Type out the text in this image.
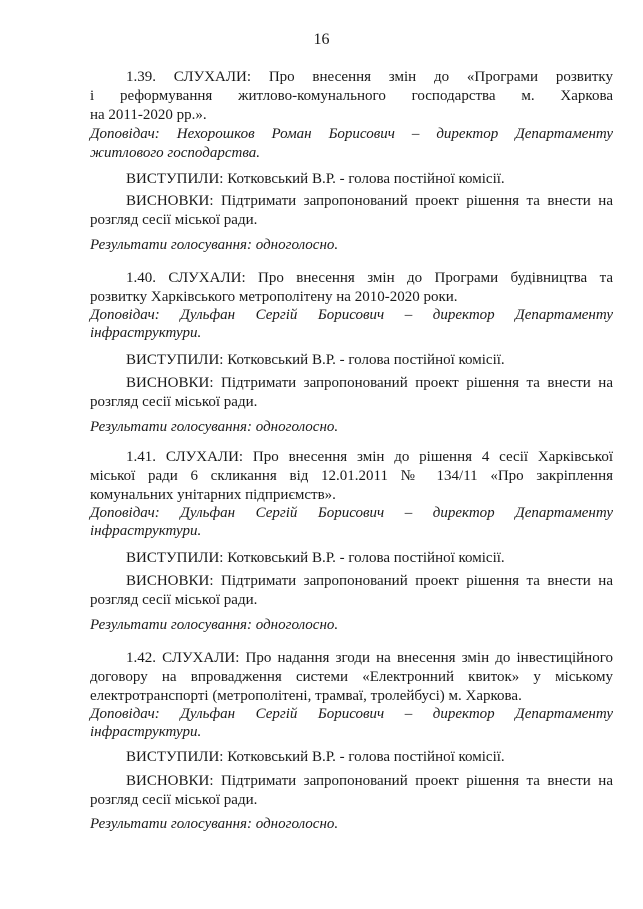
16
1.39. СЛУХАЛИ: Про внесення змін до «Програми розвитку
і реформування житлово-комунального господарства м. Харкова
на 2011-2020 рр.».
Доповідач: Нехорошков Роман Борисович – директор Департаменту
житлового господарства.
ВИСТУПИЛИ: Котковський В.Р. - голова постійної комісії.
ВИСНОВКИ: Підтримати запропонований проект рішення та внести на
розгляд сесії міської ради.
Результати голосування: одноголосно.
1.40. СЛУХАЛИ: Про внесення змін до Програми будівництва та
розвитку Харківського метрополітену на 2010-2020 роки.
Доповідач: Дульфан Сергій Борисович – директор Департаменту
інфраструктури.
ВИСТУПИЛИ: Котковський В.Р. - голова постійної комісії.
ВИСНОВКИ: Підтримати запропонований проект рішення та внести на
розгляд сесії міської ради.
Результати голосування: одноголосно.
1.41. СЛУХАЛИ: Про внесення змін до рішення 4 сесії Харківської
міської ради 6 скликання від 12.01.2011 № 134/11 «Про закріплення
комунальних унітарних підприємств».
Доповідач: Дульфан Сергій Борисович – директор Департаменту
інфраструктури.
ВИСТУПИЛИ: Котковський В.Р. - голова постійної комісії.
ВИСНОВКИ: Підтримати запропонований проект рішення та внести на
розгляд сесії міської ради.
Результати голосування: одноголосно.
1.42. СЛУХАЛИ: Про надання згоди на внесення змін до інвестиційного
договору на впровадження системи «Електронний квиток» у міському
електротранспорті (метрополітені, трамваї, тролейбусі) м. Харкова.
Доповідач: Дульфан Сергій Борисович – директор Департаменту
інфраструктури.
ВИСТУПИЛИ: Котковський В.Р. - голова постійної комісії.
ВИСНОВКИ: Підтримати запропонований проект рішення та внести на
розгляд сесії міської ради.
Результати голосування: одноголосно.
